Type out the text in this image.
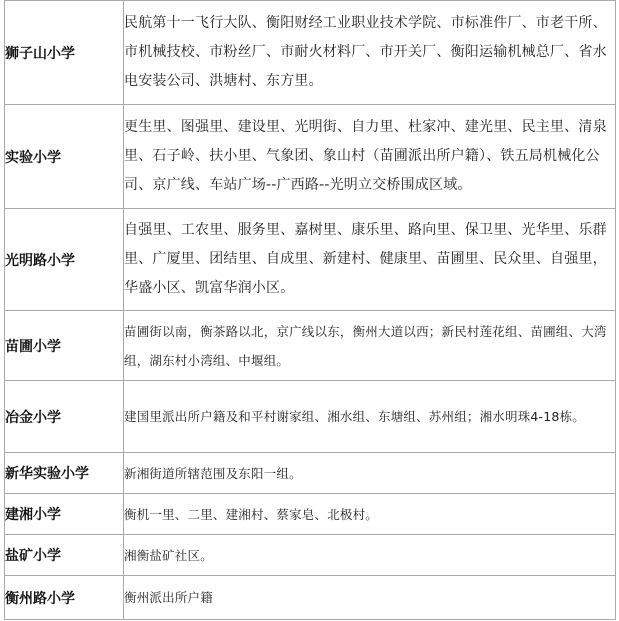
狮子山小学	民航第十一飞行大队、衡阳财经工业职业技术学院、市标准件厂、市老干所、市机械技校、市粉丝厂、市耐火材料厂、市开关厂、衡阳运输机械总厂、省水电安装公司、洪塘村、东方里。
实验小学	更生里、图强里、建设里、光明街、自力里、杜家冲、建光里、民主里、清泉里、石子岭、扶小里、气象团、象山村（苗圃派出所户籍）、铁五局机械化公司、京广线、车站广场--广西路--光明立交桥围成区域。
光明路小学	自强里、工农里、服务里、嘉树里、康乐里、路向里、保卫里、光华里、乐群里、广厦里、团结里、自成里、新建村、健康里、苗圃里、民众里、自强里，华盛小区、凯富华润小区。
苗圃小学	苗圃街以南，衡茶路以北，京广线以东，衡州大道以西；新民村莲花组、苗圃组、大湾组，湖东村小湾组、中堰组。
冶金小学	建国里派出所户籍及和平村谢家组、湘水组、东塘组、苏州组；湘水明珠4-18栋。
新华实验小学	新湘街道所辖范围及东阳一组。
建湘小学	衡机一里、二里、建湘村、蔡家皂、北极村。
盐矿小学	湘衡盐矿社区。
衡州路小学	衡州派出所户籍
